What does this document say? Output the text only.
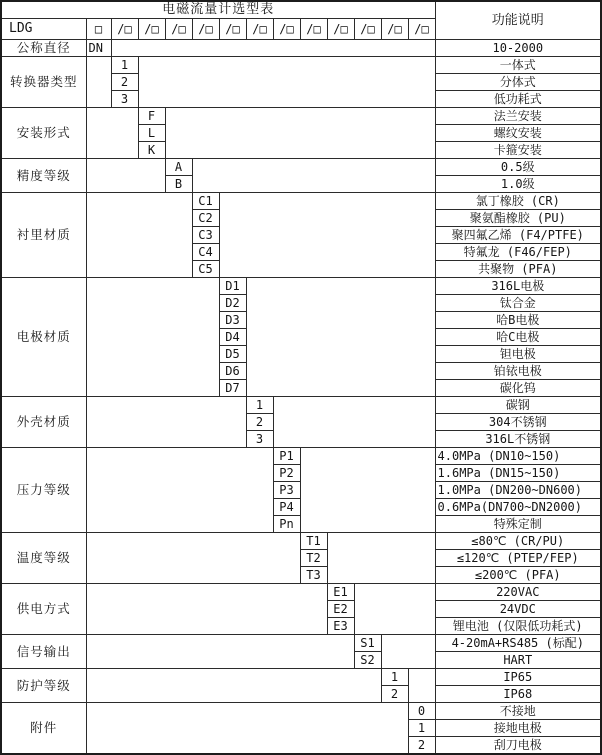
电磁流量计选型表														功能说明
LDG	□	/□	/□	/□	/□	/□	/□	/□	/□	/□	/□	/□	/□	
公称直径	DN													10-2000
转换器类型		1												一体式
		2												分体式
		3												低功耗式
安装形式			F											法兰安装
			L											螺纹安装
			K											卡箍安装
精度等级				A										0.5级
				B										1.0级
衬里材质					C1									氯丁橡胶 (CR)
					C2									聚氨酯橡胶 (PU)
					C3									聚四氟乙烯 (F4/PTFE)
					C4									特氟龙 (F46/FEP)
					C5									共聚物 (PFA)
电极材质						D1								316L电极
						D2								钛合金
						D3								哈B电极
						D4								哈C电极
						D5								钽电极
						D6								铂铱电极
						D7								碳化钨
外壳材质							1							碳钢
							2							304不锈钢
							3							316L不锈钢
压力等级								P1						4.0MPa (DN10~150)
								P2						1.6MPa (DN15~150)
								P3						1.0MPa (DN200~DN600)
								P4						0.6MPa(DN700~DN2000)
								Pn						特殊定制
温度等级									T1					≤80℃ (CR/PU)
									T2					≤120℃ (PTEP/FEP)
									T3					≤200℃ (PFA)
供电方式										E1				220VAC
										E2				24VDC
										E3				锂电池 (仅限低功耗式)
信号输出											S1			4-20mA+RS485 (标配)
											S2			HART
防护等级												1		IP65
												2		IP68
附件													0	不接地
													1	接地电极
													2	刮刀电极
